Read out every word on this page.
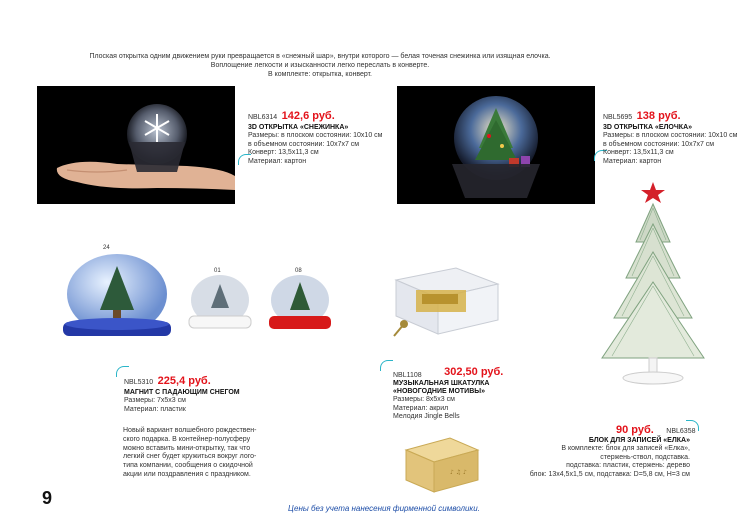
Плоская открытка одним движением руки превращается в «снежный шар», внутри которого — белая точеная снежинка или изящная елочка.
Воплощение легкости и изысканности легко переслать в конверте.
В комплекте: открытка, конверт.
NBL6314 142,6 руб.
3D ОТКРЫТКА «СНЕЖИНКА»
Размеры: в плоском состоянии: 10x10 см
в объемном состоянии: 10x7x7 см
Конверт: 13,5x11,3 см
Материал: картон
NBL5695 138 руб.
3D ОТКРЫТКА «ЕЛОЧКА»
Размеры: в плоском состоянии: 10x10 см
в объемном состоянии: 10x7x7 см
Конверт: 13,5x11,3 см
Материал: картон
24
01	08
NBL5310 225,4 руб.
МАГНИТ С ПАДАЮЩИМ СНЕГОМ
Размеры: 7x5x3 см
Материал: пластик
Новый вариант волшебного рождествен-
ского подарка. В контейнер-полусферу
можно вставить мини-открытку, так что
легкий снег будет кружиться вокруг лого-
типа компании, сообщения о скидочной
акции или поздравления с праздником.
NBL1108 302,50 руб.
МУЗЫКАЛЬНАЯ ШКАТУЛКА «НОВОГОДНИЕ МОТИВЫ»
Размеры: 8x5x3 см
Материал: акрил
Мелодия Jingle Bells
♪ ♫ ♪
90 руб. NBL6358
БЛОК ДЛЯ ЗАПИСЕЙ «ЕЛКА»
В комплекте: блок для записей «Елка»,
стержень-ствол, подставка.
подставка: пластик, стержень: дерево
блок: 13x4,5x1,5 см, подставка: D=5,8 см, H=3 см
9
Цены без учета нанесения фирменной символики.
